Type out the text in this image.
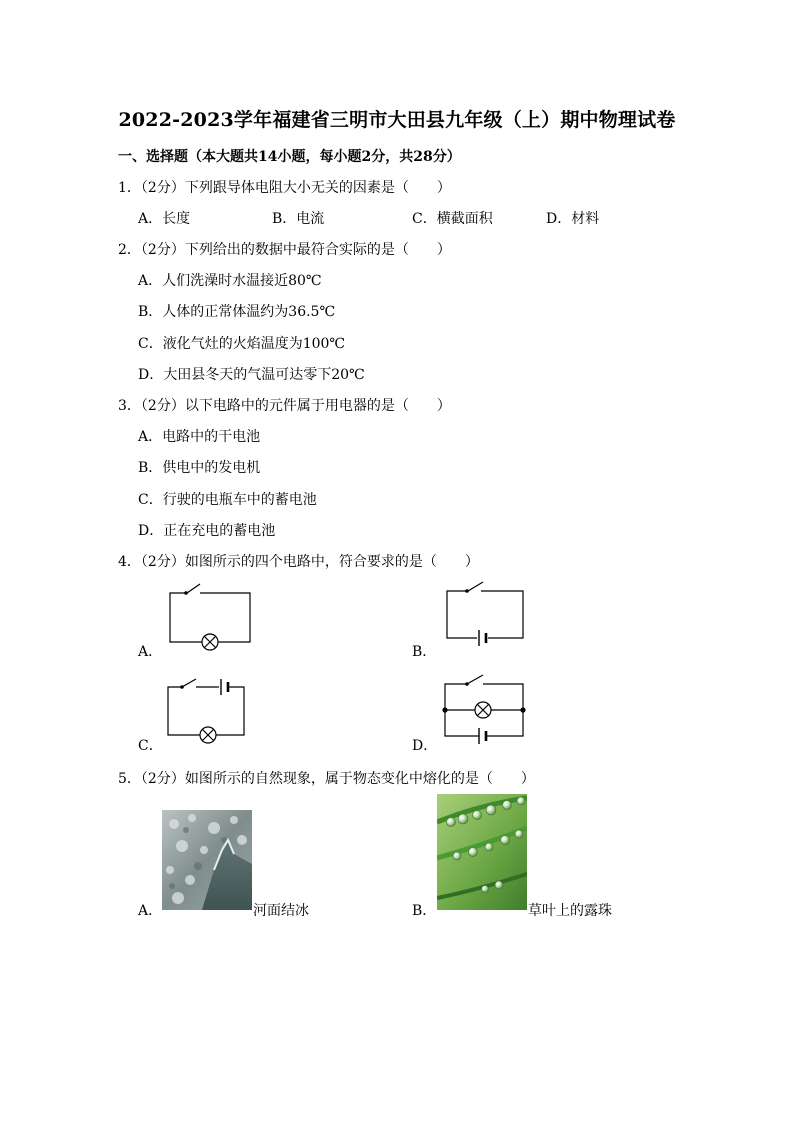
2022-2023学年福建省三明市大田县九年级（上）期中物理试卷
一、选择题（本大题共14小题，每小题2分，共28分）
1．（2分）下列跟导体电阻大小无关的因素是（　　）
A．长度	B．电流	C．横截面积	D．材料
2．（2分）下列给出的数据中最符合实际的是（　　）
A．人们洗澡时水温接近80℃
B．人体的正常体温约为36.5℃
C．液化气灶的火焰温度为100℃
D．大田县冬天的气温可达零下20℃
3．（2分）以下电路中的元件属于用电器的是（　　）
A．电路中的干电池
B．供电中的发电机
C．行驶的电瓶车中的蓄电池
D．正在充电的蓄电池
4．（2分）如图所示的四个电路中，符合要求的是（　　）
A．	B．
C．	D．
5．（2分）如图所示的自然现象，属于物态变化中熔化的是（　　）
A．	河面结冰	B．	草叶上的露珠
